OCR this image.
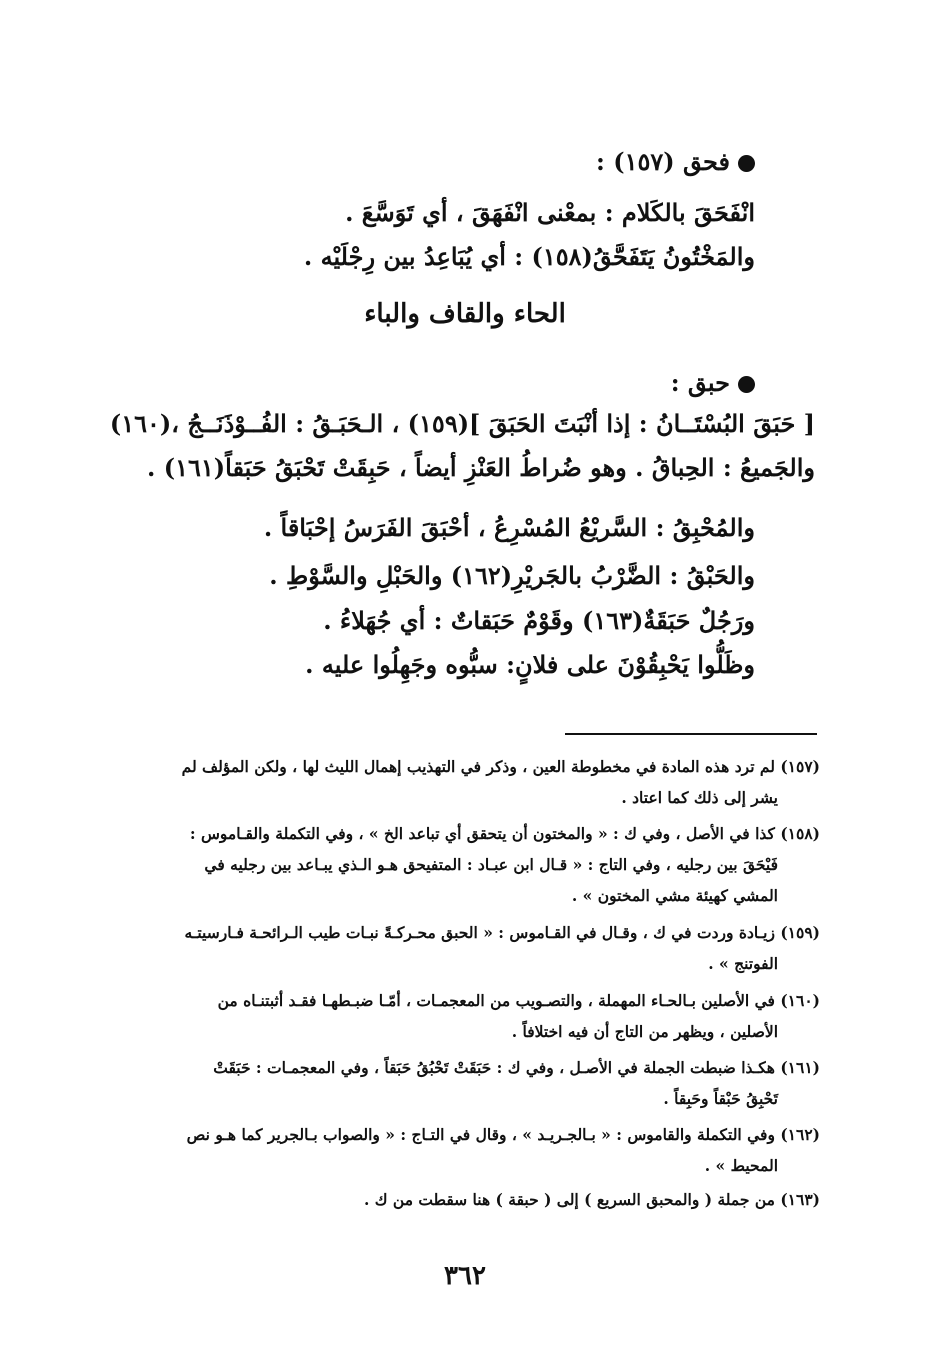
فحق (١٥٧) :
انْفَحَقَ بالكَلام : بمعْنى انْفَهَقَ ، أي تَوَسَّعَ .
والمَخْتُونُ يَتَفَحَّقُ(١٥٨) : أي يُبَاعِدُ بين رِجْلَيْه .
الحاء والقاف والباء
حبق :
[ حَبَقَ البُسْتَــانُ : إذا أنْبَتَ الحَبَقَ ](١٥٩) ، الـحَبَـقُ : الفُــوْذَنَــجُ ،(١٦٠)
والجَميعُ : الحِباقُ . وهو ضُراطُ العَنْزِ أيضاً ، حَبِقَتْ تَحْبَقُ حَبَقاً(١٦١) .
والمُحْبِقُ : السَّريْعُ المُسْرِعُ ، أحْبَقَ الفَرَسُ إحْبَاقاً .
والحَبْقُ : الضَّرْبُ بالجَريْرِ(١٦٢) والحَبْلِ والسَّوْطِ .
ورَجُلٌ حَبَقَةٌ(١٦٣) وقَوْمٌ حَبَقاتٌ : أي جُهَلاءُ .
وظَلُّوا يَحْبِقُوْنَ على فلانٍ: سبُّوه وجَهِلُوا عليه .
(١٥٧) لم ترد هذه المادة في مخطوطة العين ، وذكر في التهذيب إهمال الليث لها ، ولكن المؤلف لم
يشر إلى ذلك كما اعتاد .
(١٥٨) كذا في الأصل ، وفي ك : « والمختون أن يتحقق أي تباعد الخ » ، وفي التكملة والقـاموس :
فَيْحَقَ بين رجليه ، وفي التاج : « قـال ابن عبـاد : المتفيحق هـو الـذي يبـاعد بين رجليه في
المشي كهيئة مشي المختون » .
(١٥٩) زيـادة وردت في ك ، وقـال في القـاموس : « الحبق محـركـةً نبـات طيب الـرائحـة فـارسيتـه
الفوتنج » .
(١٦٠) في الأصلين بـالحـاء المهملة ، والتصـويب من المعجمـات ، أمّـا ضبـطهـا فقـد أثبتنـاه من
الأصلين ، ويظهر من التاج أن فيه اختلافاً .
(١٦١) هكـذا ضبطت الجملة في الأصـل ، وفي ك : حَبَقَتْ تَحْبُقُ حَبَقاً ، وفي المعجمـات : حَبَقَتْ
تَحْبِقُ حَبْقاً وحَبِقاً .
(١٦٢) وفي التكملة والقاموس : « بـالجـريـد » ، وقال في التـاج : « والصواب بـالجرير كما هـو نص
المحيط » .
(١٦٣) من جملة ( والمحبق السريع ) إلى ( حبقة ) هنا سقطت من ك .
٣٦٢
